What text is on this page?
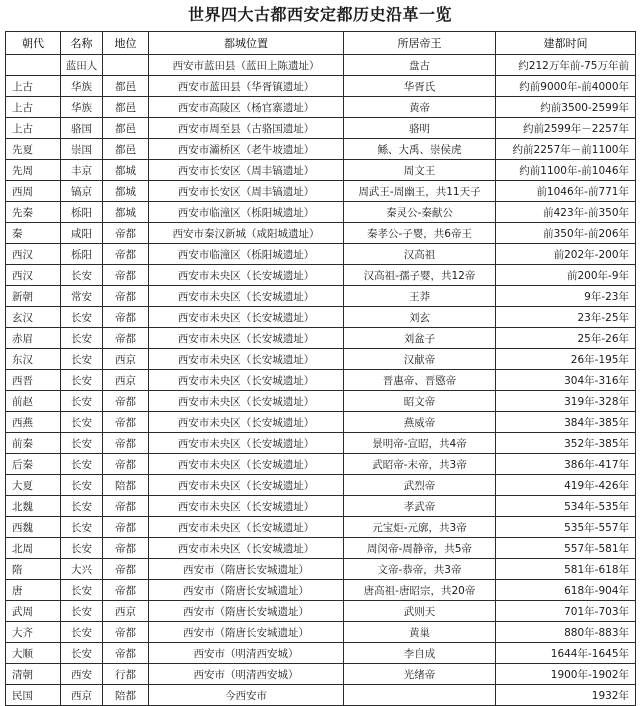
世界四大古都西安定都历史沿革一览
朝代	名称	地位	都城位置	所居帝王	建都时间
	蓝田人		西安市蓝田县（蓝田上陈遗址）	盘古	约212万年前-75万年前
上古	华族	都邑	西安市蓝田县（华胥镇遗址）	华胥氏	约前9000年-前4000年
上古	华族	都邑	西安市高陵区（杨官寨遗址）	黄帝	约前3500-2599年
上古	骆国	都邑	西安市周至县（古骆国遗址）	骆明	约前2599年－2257年
先夏	崇国	都邑	西安市灞桥区（老牛坡遗址）	鲧、大禹、崇侯虎	约前2257年－前1100年
先周	丰京	都城	西安市长安区（周丰镐遗址）	周文王	约前1100年-前1046年
西周	镐京	都城	西安市长安区（周丰镐遗址）	周武王-周幽王，共11天子	前1046年-前771年
先秦	栎阳	都城	西安市临潼区（栎阳城遗址）	秦灵公-秦献公	前423年-前350年
秦	咸阳	帝都	西安市秦汉新城（咸阳城遗址）	秦孝公-子婴，共6帝王	前350年-前206年
西汉	栎阳	帝都	西安市临潼区（栎阳城遗址）	汉高祖	前202年-200年
西汉	长安	帝都	西安市未央区（长安城遗址）	汉高祖-孺子婴，共12帝	前200年-9年
新朝	常安	帝都	西安市未央区（长安城遗址）	王莽	9年-23年
玄汉	长安	帝都	西安市未央区（长安城遗址）	刘玄	23年-25年
赤眉	长安	帝都	西安市未央区（长安城遗址）	刘盆子	25年-26年
东汉	长安	西京	西安市未央区（长安城遗址）	汉献帝	26年-195年
西晋	长安	西京	西安市未央区（长安城遗址）	晋惠帝、晋愍帝	304年-316年
前赵	长安	帝都	西安市未央区（长安城遗址）	昭文帝	319年-328年
西燕	长安	帝都	西安市未央区（长安城遗址）	燕威帝	384年-385年
前秦	长安	帝都	西安市未央区（长安城遗址）	景明帝-宣昭，共4帝	352年-385年
后秦	长安	帝都	西安市未央区（长安城遗址）	武昭帝-末帝，共3帝	386年-417年
大夏	长安	陪都	西安市未央区（长安城遗址）	武烈帝	419年-426年
北魏	长安	帝都	西安市未央区（长安城遗址）	孝武帝	534年-535年
西魏	长安	帝都	西安市未央区（长安城遗址）	元宝炬-元廓，共3帝	535年-557年
北周	长安	帝都	西安市未央区（长安城遗址）	周闵帝-周静帝，共5帝	557年-581年
隋	大兴	帝都	西安市（隋唐长安城遗址）	文帝-恭帝，共3帝	581年-618年
唐	长安	帝都	西安市（隋唐长安城遗址）	唐高祖-唐昭宗，共20帝	618年-904年
武周	长安	西京	西安市（隋唐长安城遗址）	武则天	701年-703年
大齐	长安	帝都	西安市（隋唐长安城遗址）	黄巢	880年-883年
大顺	长安	帝都	西安市（明清西安城）	李自成	1644年-1645年
清朝	西安	行都	西安市（明清西安城）	光绪帝	1900年-1902年
民国	西京	陪都	今西安市		1932年
